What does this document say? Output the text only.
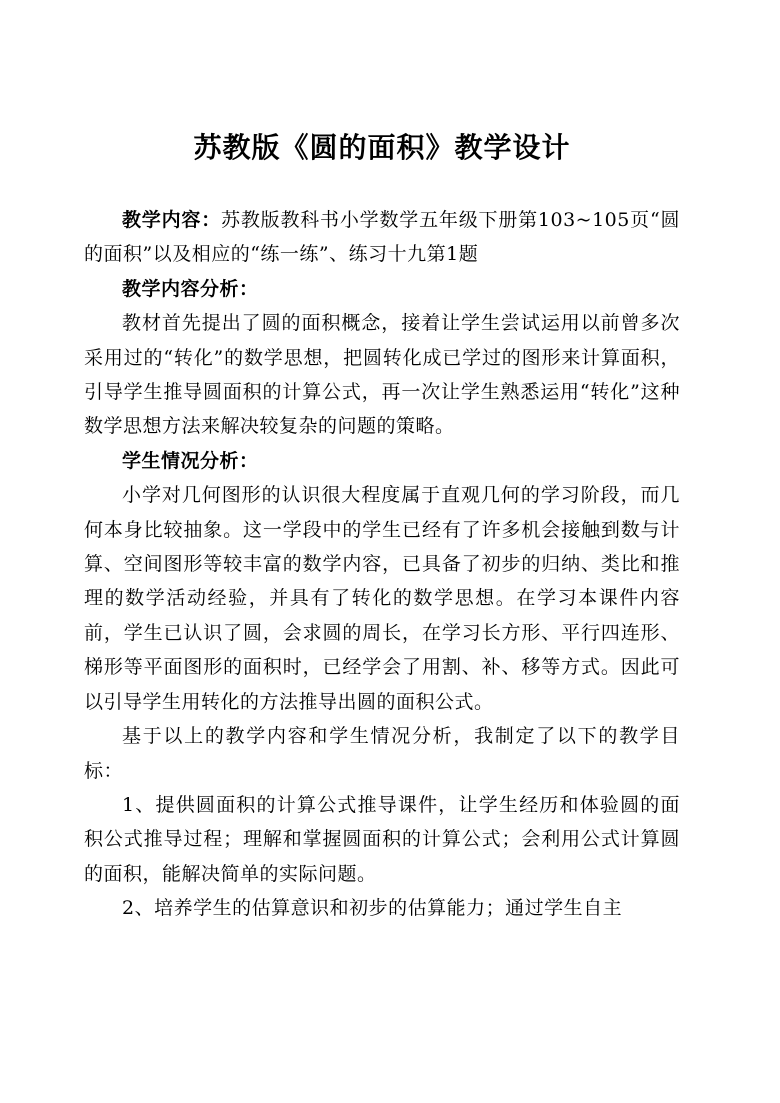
苏教版《圆的面积》教学设计

教学内容：苏教版教科书小学数学五年级下册第103~105页“圆的面积”以及相应的“练一练”、练习十九第1题

教学内容分析：

教材首先提出了圆的面积概念，接着让学生尝试运用以前曾多次采用过的“转化”的数学思想，把圆转化成已学过的图形来计算面积，引导学生推导圆面积的计算公式，再一次让学生熟悉运用“转化”这种数学思想方法来解决较复杂的问题的策略。

学生情况分析：

小学对几何图形的认识很大程度属于直观几何的学习阶段，而几何本身比较抽象。这一学段中的学生已经有了许多机会接触到数与计算、空间图形等较丰富的数学内容，已具备了初步的归纳、类比和推理的数学活动经验，并具有了转化的数学思想。在学习本课件内容前，学生已认识了圆，会求圆的周长，在学习长方形、平行四连形、梯形等平面图形的面积时，已经学会了用割、补、移等方式。因此可以引导学生用转化的方法推导出圆的面积公式。

基于以上的教学内容和学生情况分析，我制定了以下的教学目标：

1、提供圆面积的计算公式推导课件，让学生经历和体验圆的面积公式推导过程；理解和掌握圆面积的计算公式；会利用公式计算圆的面积，能解决简单的实际问题。

2、培养学生的估算意识和初步的估算能力；通过学生自主
